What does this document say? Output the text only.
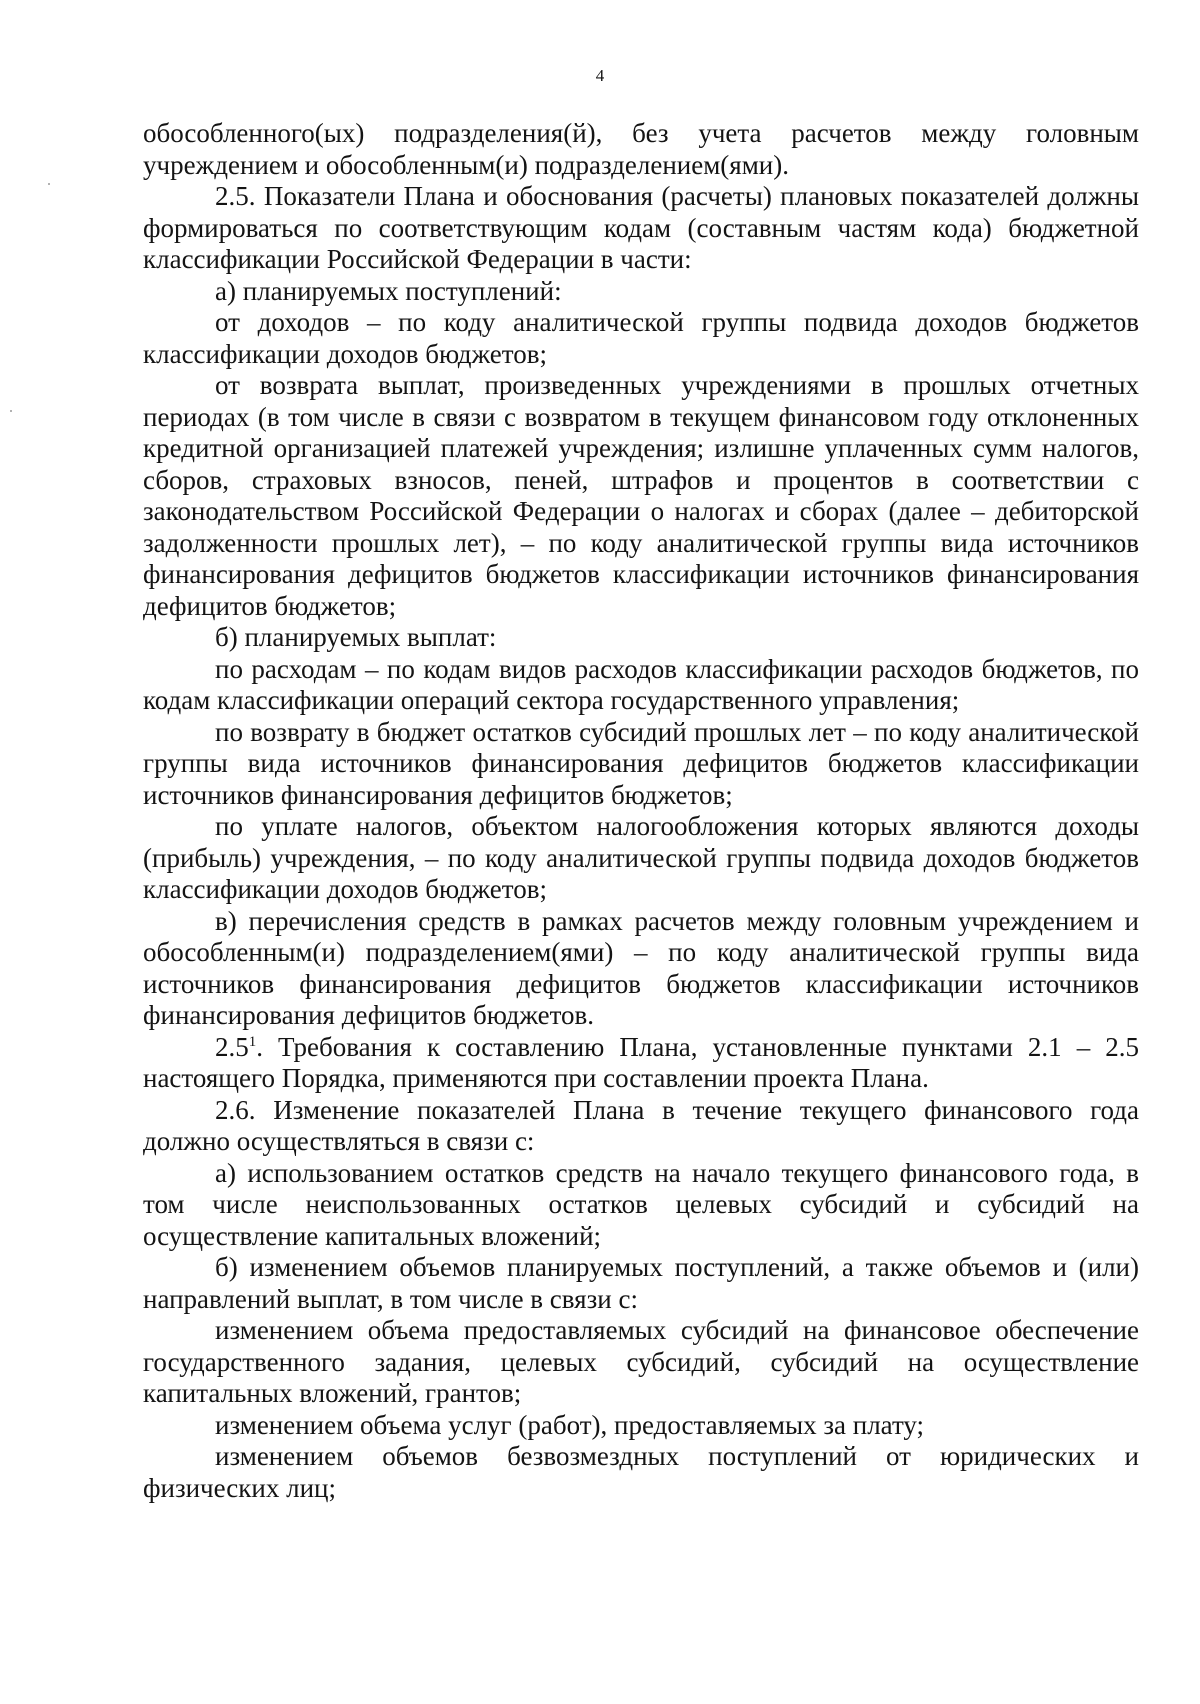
4

обособленного(ых) подразделения(й), без учета расчетов между головным учреждением и обособленным(и) подразделением(ями).

2.5. Показатели Плана и обоснования (расчеты) плановых показателей должны формироваться по соответствующим кодам (составным частям кода) бюджетной классификации Российской Федерации в части:

а) планируемых поступлений:

от доходов – по коду аналитической группы подвида доходов бюджетов классификации доходов бюджетов;

от возврата выплат, произведенных учреждениями в прошлых отчетных периодах (в том числе в связи с возвратом в текущем финансовом году отклоненных кредитной организацией платежей учреждения; излишне уплаченных сумм налогов, сборов, страховых взносов, пеней, штрафов и процентов в соответствии с законодательством Российской Федерации о налогах и сборах (далее – дебиторской задолженности прошлых лет), – по коду аналитической группы вида источников финансирования дефицитов бюджетов классификации источников финансирования дефицитов бюджетов;

б) планируемых выплат:

по расходам – по кодам видов расходов классификации расходов бюджетов, по кодам классификации операций сектора государственного управления;

по возврату в бюджет остатков субсидий прошлых лет – по коду аналитической группы вида источников финансирования дефицитов бюджетов классификации источников финансирования дефицитов бюджетов;

по уплате налогов, объектом налогообложения которых являются доходы (прибыль) учреждения, – по коду аналитической группы подвида доходов бюджетов классификации доходов бюджетов;

в) перечисления средств в рамках расчетов между головным учреждением и обособленным(и) подразделением(ями) – по коду аналитической группы вида источников финансирования дефицитов бюджетов классификации источников финансирования дефицитов бюджетов.

$2.5^1$. Требования к составлению Плана, установленные пунктами 2.1 – 2.5 настоящего Порядка, применяются при составлении проекта Плана.

2.6. Изменение показателей Плана в течение текущего финансового года должно осуществляться в связи с:

а) использованием остатков средств на начало текущего финансового года, в том числе неиспользованных остатков целевых субсидий и субсидий на осуществление капитальных вложений;

б) изменением объемов планируемых поступлений, а также объемов и (или) направлений выплат, в том числе в связи с:

изменением объема предоставляемых субсидий на финансовое обеспечение государственного задания, целевых субсидий, субсидий на осуществление капитальных вложений, грантов;

изменением объема услуг (работ), предоставляемых за плату;

изменением объемов безвозмездных поступлений от юридических и физических лиц;
